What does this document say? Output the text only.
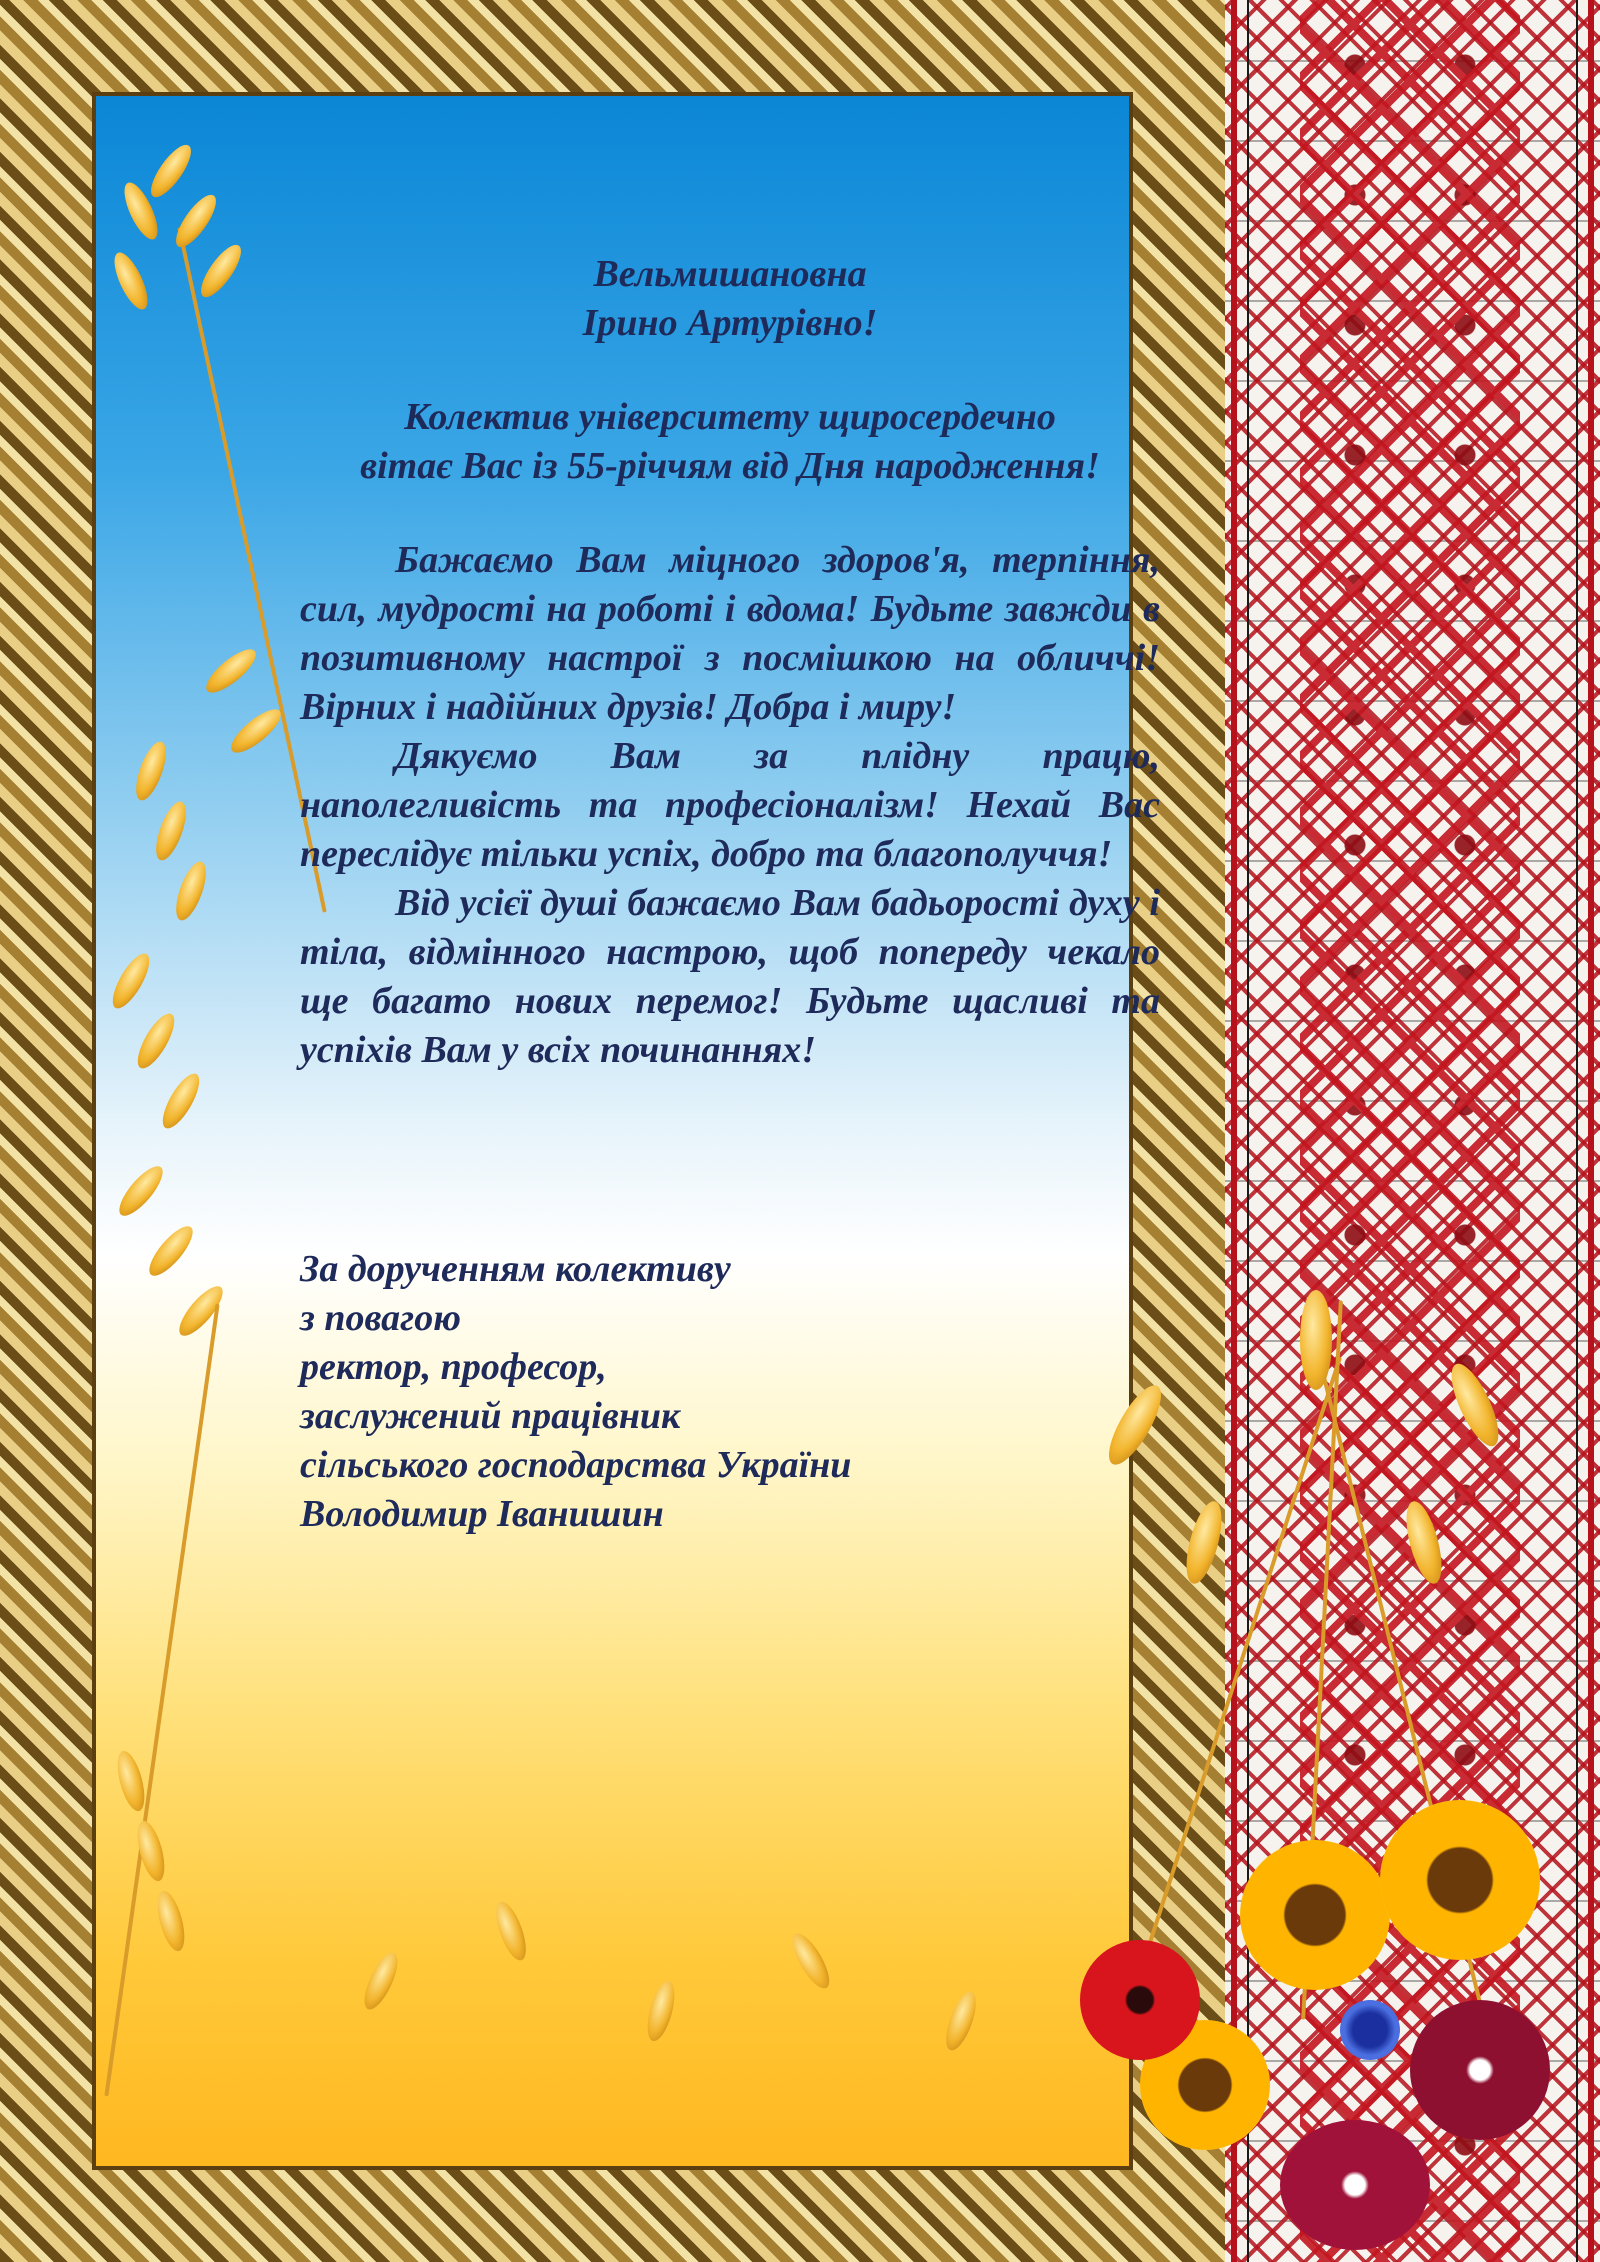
Вельмишановна
Ірино Артурівно!

Колектив університету щиросердечно
вітає Вас із 55-річчям від Дня народження!

Бажаємо Вам міцного здоров'я, терпіння, сил, мудрості на роботі і вдома! Будьте завжди в позитивному настрої з посмішкою на обличчі! Вірних і надійних друзів! Добра і миру!

Дякуємо Вам за плідну працю, наполегливість та професіоналізм! Нехай Вас переслідує тільки успіх, добро та благополуччя!

Від усієї душі бажаємо Вам бадьорості духу і тіла, відмінного настрою, щоб попереду чекало ще багато нових перемог! Будьте щасливі та успіхів Вам у всіх починаннях!

За дорученням колективу
з повагою
ректор, професор,
заслужений працівник
сільського господарства України
Володимир Іванишин
